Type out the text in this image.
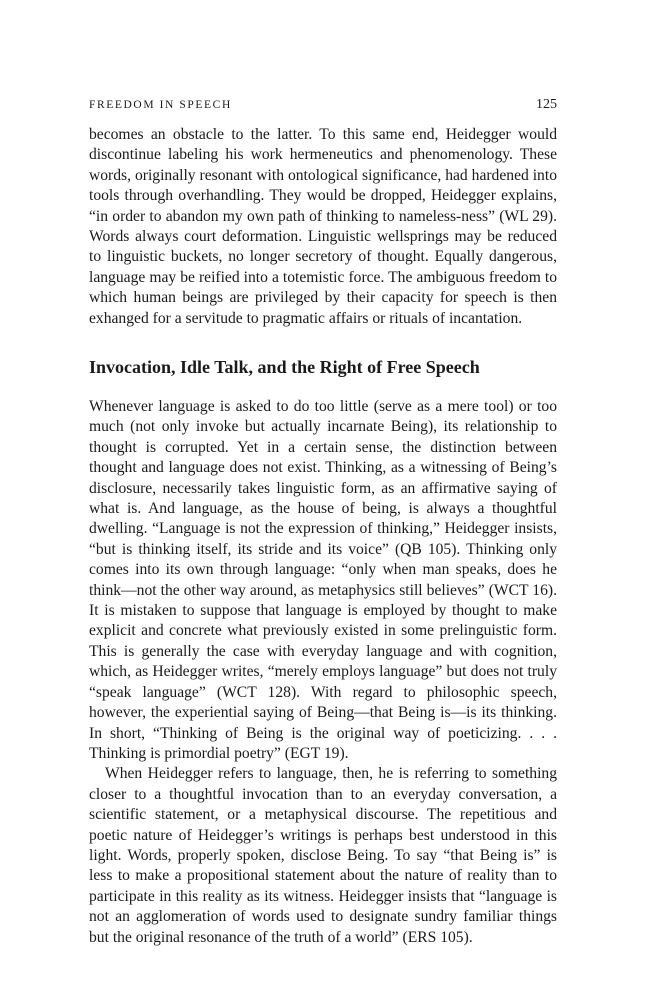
FREEDOM IN SPEECH	125

becomes an obstacle to the latter. To this same end, Heidegger would discontinue labeling his work hermeneutics and phenomenology. These words, originally resonant with ontological significance, had hardened into tools through overhandling. They would be dropped, Heidegger explains, “in order to abandon my own path of thinking to nameless-ness” (WL 29). Words always court deformation. Linguistic wellsprings may be reduced to linguistic buckets, no longer secretory of thought. Equally dangerous, language may be reified into a totemistic force. The ambiguous freedom to which human beings are privileged by their capacity for speech is then exhanged for a servitude to pragmatic affairs or rituals of incantation.

Invocation, Idle Talk, and the Right of Free Speech

Whenever language is asked to do too little (serve as a mere tool) or too much (not only invoke but actually incarnate Being), its relationship to thought is corrupted. Yet in a certain sense, the distinction between thought and language does not exist. Thinking, as a witnessing of Being’s disclosure, necessarily takes linguistic form, as an affirmative saying of what is. And language, as the house of being, is always a thoughtful dwelling. “Language is not the expression of thinking,” Heidegger insists, “but is thinking itself, its stride and its voice” (QB 105). Thinking only comes into its own through language: “only when man speaks, does he think—not the other way around, as metaphysics still believes” (WCT 16). It is mistaken to suppose that language is employed by thought to make explicit and concrete what previously existed in some prelinguistic form. This is generally the case with everyday language and with cognition, which, as Heidegger writes, “merely employs language” but does not truly “speak language” (WCT 128). With regard to philosophic speech, however, the experiential saying of Being—that Being is—is its thinking. In short, “Thinking of Being is the original way of poeticizing. . . . Thinking is primordial poetry” (EGT 19).

When Heidegger refers to language, then, he is referring to something closer to a thoughtful invocation than to an everyday conversation, a scientific statement, or a metaphysical discourse. The repetitious and poetic nature of Heidegger’s writings is perhaps best understood in this light. Words, properly spoken, disclose Being. To say “that Being is” is less to make a propositional statement about the nature of reality than to participate in this reality as its witness. Heidegger insists that “language is not an agglomeration of words used to designate sundry familiar things but the original resonance of the truth of a world” (ERS 105).
